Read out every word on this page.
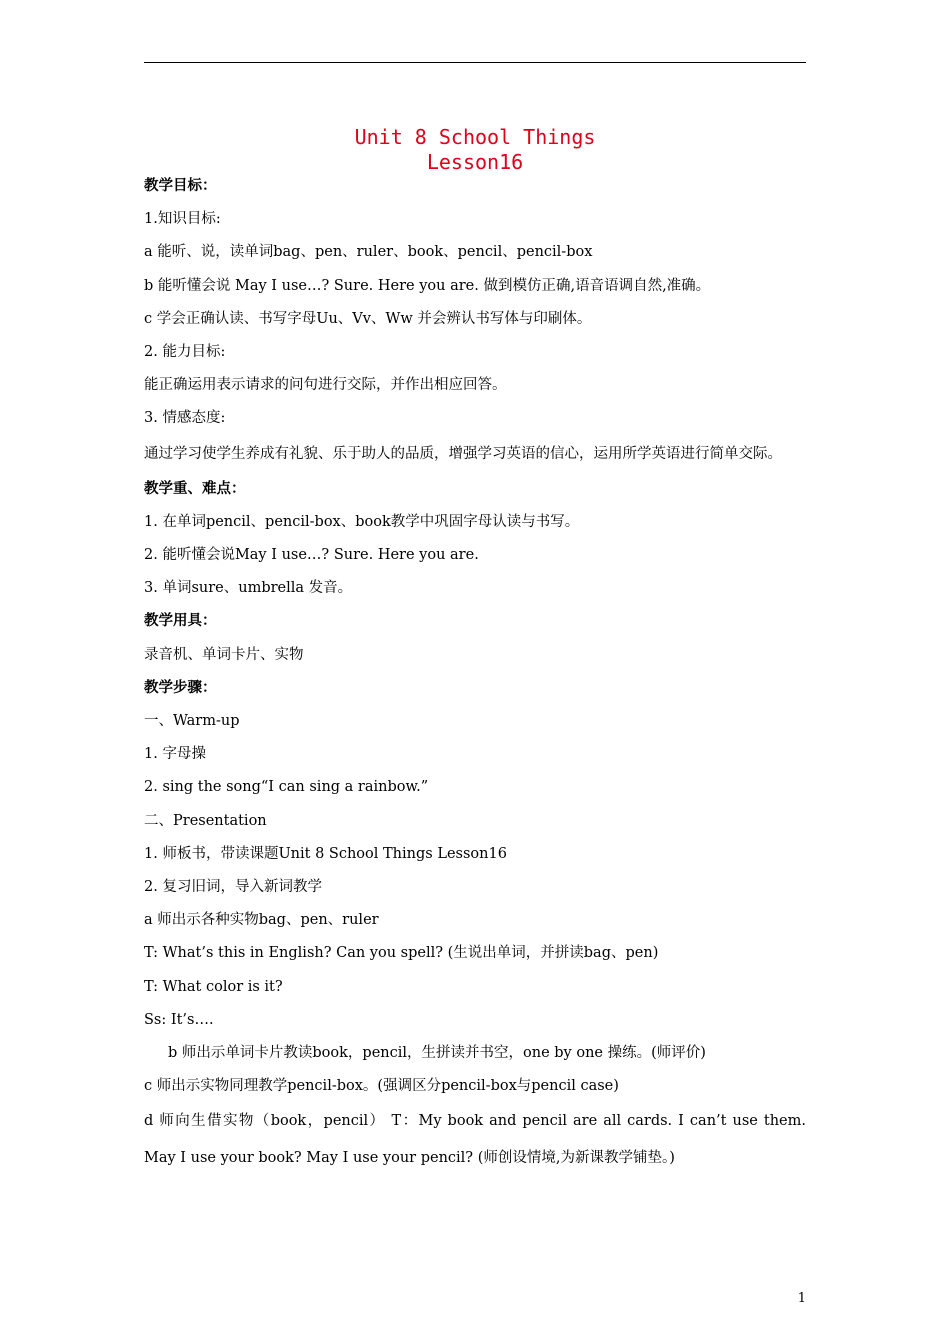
Unit 8 School Things
Lesson16
教学目标：
1.知识目标:
a 能听、说，读单词bag、pen、ruler、book、pencil、pencil-box
b 能听懂会说 May I use…? Sure. Here you are. 做到模仿正确,语音语调自然,准确。
c 学会正确认读、书写字母Uu、Vv、Ww 并会辨认书写体与印刷体。
2. 能力目标:
能正确运用表示请求的问句进行交际，并作出相应回答。
3. 情感态度:
通过学习使学生养成有礼貌、乐于助人的品质，增强学习英语的信心，运用所学英语进行简单交际。
教学重、难点：
1. 在单词pencil、pencil-box、book教学中巩固字母认读与书写。
2. 能听懂会说May I use…? Sure. Here you are.
3. 单词sure、umbrella 发音。
教学用具：
录音机、单词卡片、实物
教学步骤：
一、Warm-up
1. 字母操
2. sing the song“I can sing a rainbow.”
二、Presentation
1. 师板书，带读课题Unit 8 School Things Lesson16
2. 复习旧词，导入新词教学
a 师出示各种实物bag、pen、ruler
T: What’s this in English? Can you spell? (生说出单词，并拼读bag、pen)
T: What color is it?
Ss: It’s….
b 师出示单词卡片教读book，pencil，生拼读并书空，one by one 操练。(师评价)
c 师出示实物同理教学pencil-box。(强调区分pencil-box与pencil case)
d 师向生借实物（book，pencil） T：My book and pencil are all cards. I can’t use them. May I use your book? May I use your pencil? (师创设情境,为新课教学铺垫。)
1
